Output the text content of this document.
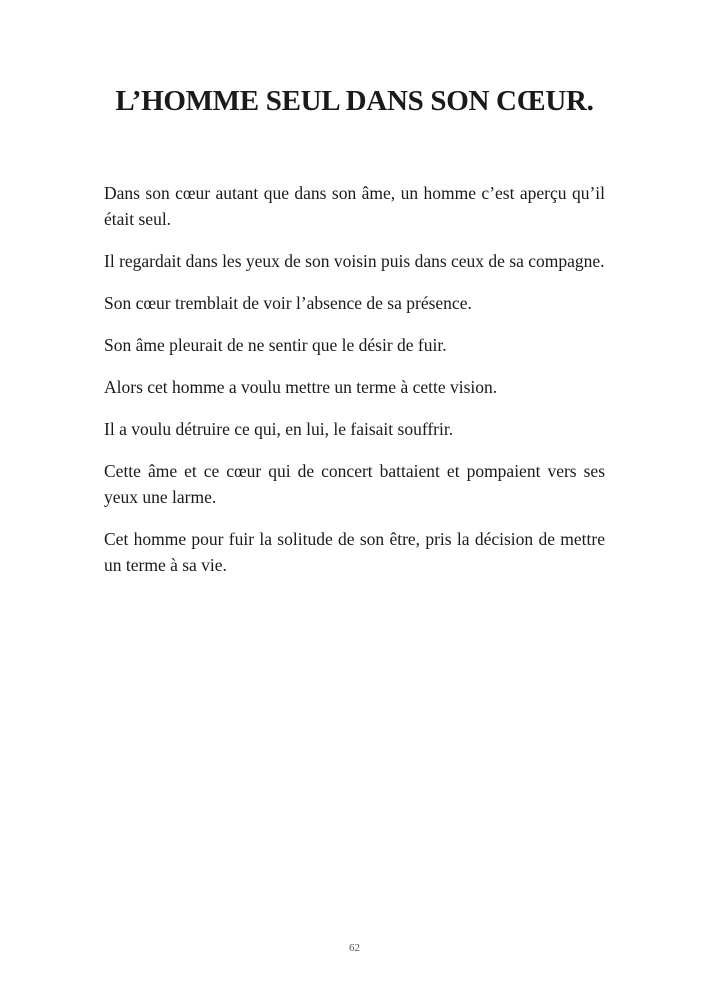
L’HOMME SEUL DANS SON CŒUR.

Dans son cœur autant que dans son âme, un homme c’est aperçu qu’il était seul.

Il regardait dans les yeux de son voisin puis dans ceux de sa compagne.

Son cœur tremblait de voir l’absence de sa présence.

Son âme pleurait de ne sentir que le désir de fuir.

Alors cet homme a voulu mettre un terme à cette vision.

Il a voulu détruire ce qui, en lui, le faisait souffrir.

Cette âme et ce cœur qui de concert battaient et pompaient vers ses yeux une larme.

Cet homme pour fuir la solitude de son être, pris la décision de mettre un terme à sa vie.

62
